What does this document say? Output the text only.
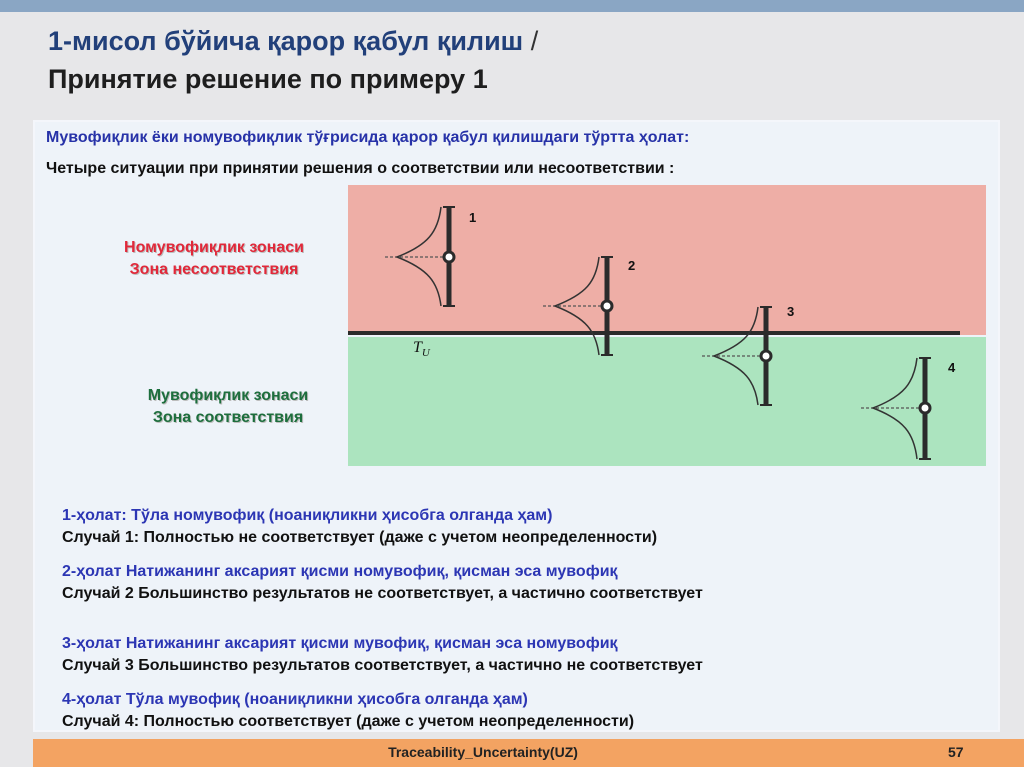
1-мисол бўйича қарор қабул қилиш /
Принятие решение по примеру 1
Мувофиқлик ёки номувофиқлик тўғрисида қарор қабул қилишдаги тўртта ҳолат:
Четыре ситуации при принятии решения о соответствии или несоответствии :
Номувофиқлик зонаси
Зона несоответствия
Мувофиқлик зонаси
Зона соответствия
$T_U$
1
2
3
4
1-ҳолат: Тўла номувофиқ (ноаниқликни ҳисобга олганда ҳам)
Случай 1: Полностью не соответствует (даже с учетом неопределенности)
2-ҳолат Натижанинг аксарият қисми номувофиқ, қисман эса мувофиқ
Случай 2 Большинство результатов не соответствует, а частично соответствует
3-ҳолат Натижанинг аксарият қисми мувофиқ, қисман эса номувофиқ
Случай 3 Большинство результатов соответствует, а частично не соответствует
4-ҳолат Тўла мувофиқ (ноаниқликни ҳисобга олганда ҳам)
Случай 4: Полностью соответствует (даже с учетом неопределенности)
Traceability_Uncertainty(UZ)	57
